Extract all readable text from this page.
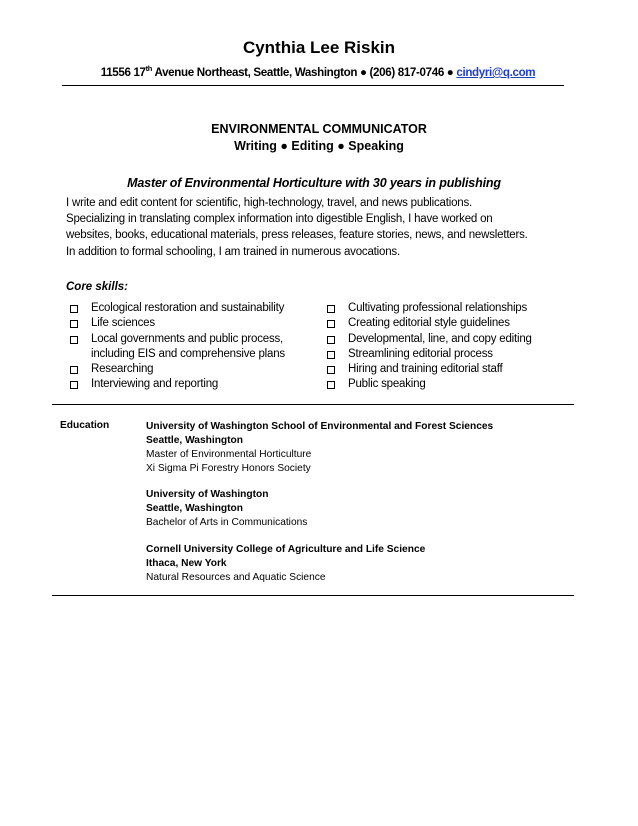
Cynthia Lee Riskin
11556 17th Avenue Northeast, Seattle, Washington ● (206) 817-0746 ● cindyri@q.com
ENVIRONMENTAL COMMUNICATOR
Writing ● Editing ● Speaking
Master of Environmental Horticulture with 30 years in publishing
I write and edit content for scientific, high-technology, travel, and news publications.
Specializing in translating complex information into digestible English, I have worked on
websites, books, educational materials, press releases, feature stories, news, and newsletters.
In addition to formal schooling, I am trained in numerous avocations.
Core skills:
Ecological restoration and sustainability
Life sciences
Local governments and public process,
including EIS and comprehensive plans
Researching
Interviewing and reporting
Cultivating professional relationships
Creating editorial style guidelines
Developmental, line, and copy editing
Streamlining editorial process
Hiring and training editorial staff
Public speaking
Education	University of Washington School of Environmental and Forest Sciences
Seattle, Washington
Master of Environmental Horticulture
Xi Sigma Pi Forestry Honors Society
University of Washington
Seattle, Washington
Bachelor of Arts in Communications
Cornell University College of Agriculture and Life Science
Ithaca, New York
Natural Resources and Aquatic Science
